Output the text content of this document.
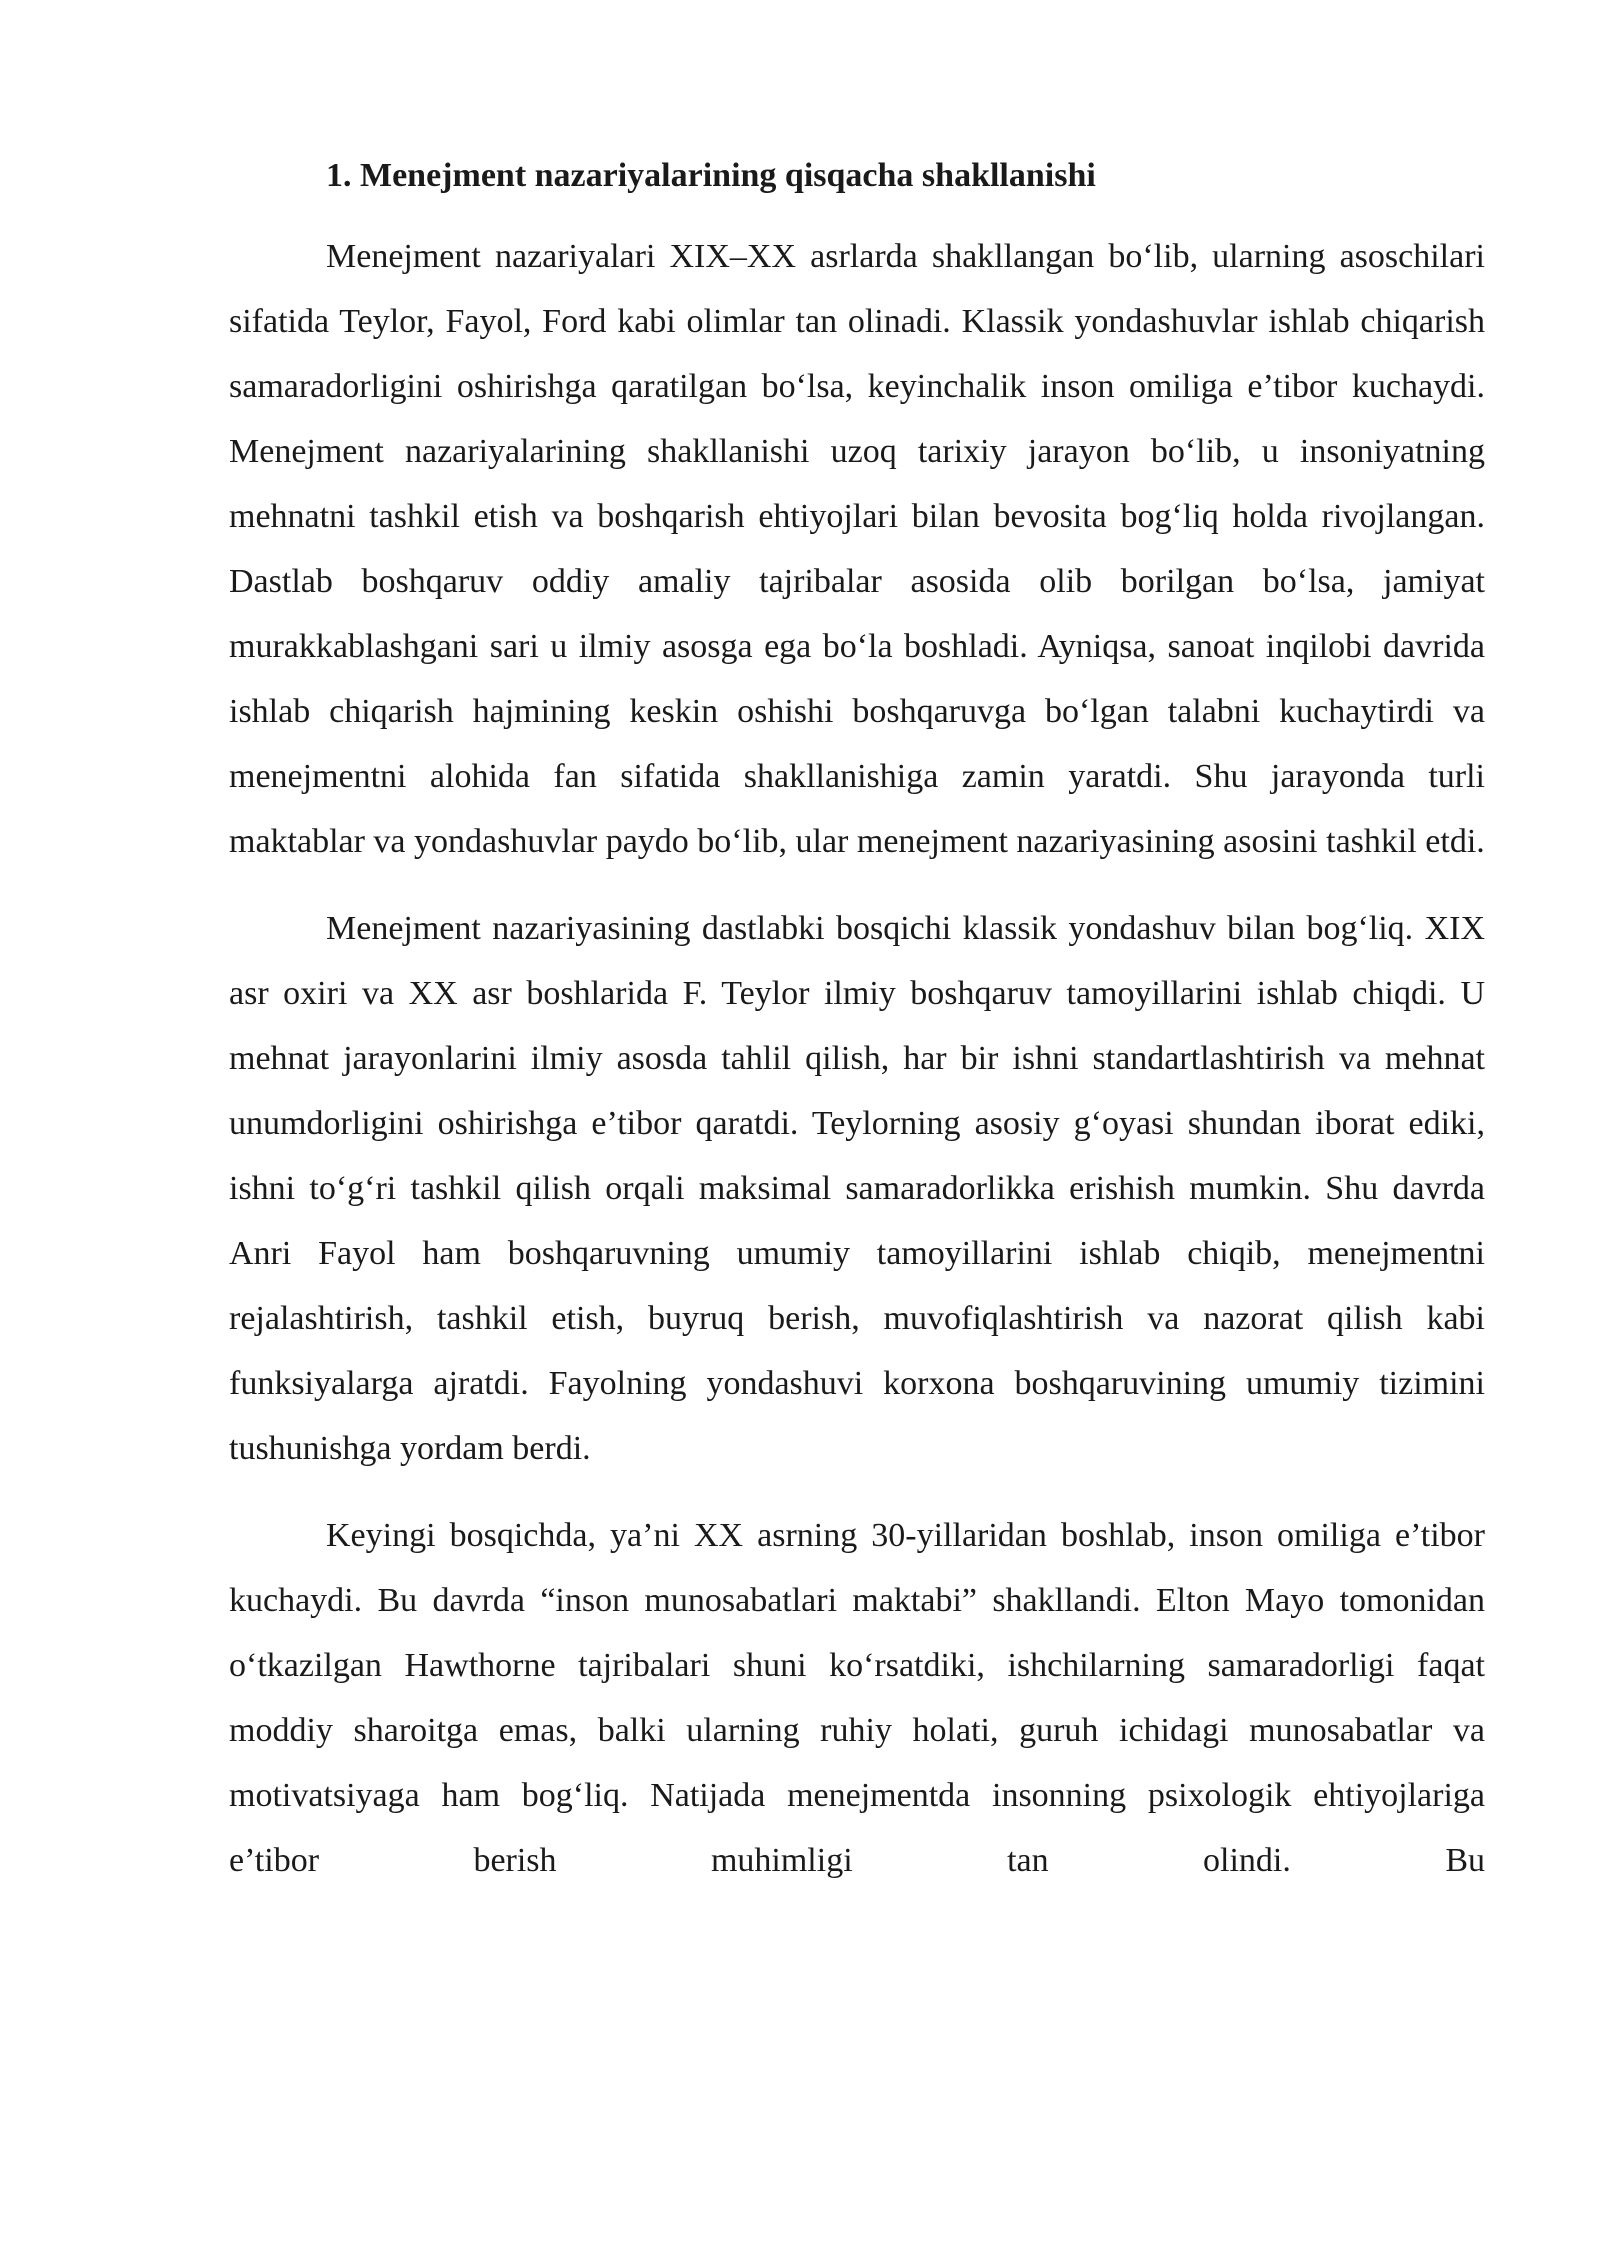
1. Menejment nazariyalarining qisqacha shakllanishi

Menejment nazariyalari XIX–XX asrlarda shakllangan bo‘lib, ularning asoschilari sifatida Teylor, Fayol, Ford kabi olimlar tan olinadi. Klassik yondashuvlar ishlab chiqarish samaradorligini oshirishga qaratilgan bo‘lsa, keyinchalik inson omiliga e’tibor kuchaydi. Menejment nazariyalarining shakllanishi uzoq tarixiy jarayon bo‘lib, u insoniyatning mehnatni tashkil etish va boshqarish ehtiyojlari bilan bevosita bog‘liq holda rivojlangan. Dastlab boshqaruv oddiy amaliy tajribalar asosida olib borilgan bo‘lsa, jamiyat murakkablashgani sari u ilmiy asosga ega bo‘la boshladi. Ayniqsa, sanoat inqilobi davrida ishlab chiqarish hajmining keskin oshishi boshqaruvga bo‘lgan talabni kuchaytirdi va menejmentni alohida fan sifatida shakllanishiga zamin yaratdi. Shu jarayonda turli maktablar va yondashuvlar paydo bo‘lib, ular menejment nazariyasining asosini tashkil etdi.

Menejment nazariyasining dastlabki bosqichi klassik yondashuv bilan bog‘liq. XIX asr oxiri va XX asr boshlarida F. Teylor ilmiy boshqaruv tamoyillarini ishlab chiqdi. U mehnat jarayonlarini ilmiy asosda tahlil qilish, har bir ishni standartlashtirish va mehnat unumdorligini oshirishga e’tibor qaratdi. Teylorning asosiy g‘oyasi shundan iborat ediki, ishni to‘g‘ri tashkil qilish orqali maksimal samaradorlikka erishish mumkin. Shu davrda Anri Fayol ham boshqaruvning umumiy tamoyillarini ishlab chiqib, menejmentni rejalashtirish, tashkil etish, buyruq berish, muvofiqlashtirish va nazorat qilish kabi funksiyalarga ajratdi. Fayolning yondashuvi korxona boshqaruvining umumiy tizimini tushunishga yordam berdi.

Keyingi bosqichda, ya’ni XX asrning 30-yillaridan boshlab, inson omiliga e’tibor kuchaydi. Bu davrda “inson munosabatlari maktabi” shakllandi. Elton Mayo tomonidan o‘tkazilgan Hawthorne tajribalari shuni ko‘rsatdiki, ishchilarning samaradorligi faqat moddiy sharoitga emas, balki ularning ruhiy holati, guruh ichidagi munosabatlar va motivatsiyaga ham bog‘liq. Natijada menejmentda insonning psixologik ehtiyojlariga e’tibor berish muhimligi tan olindi. Bu
